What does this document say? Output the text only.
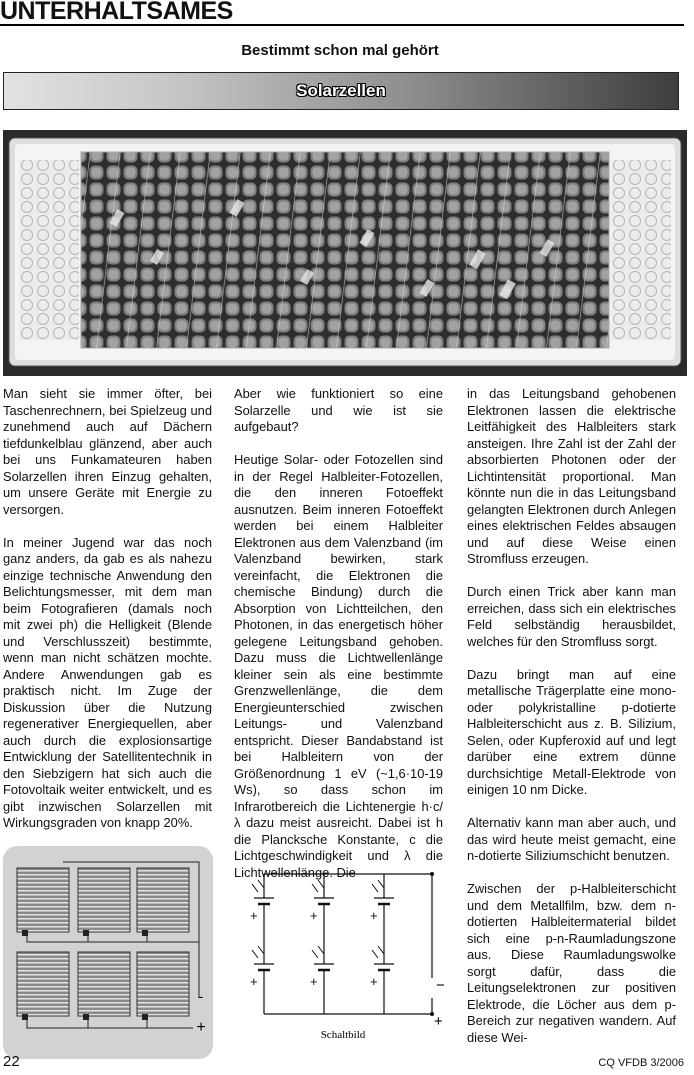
UNTERHALTSAMES
Bestimmt schon mal gehört
Solarzellen

Man sieht sie immer öfter, bei Taschenrechnern, bei Spielzeug und zunehmend auch auf Dächern tiefdunkelblau glänzend, aber auch bei uns Funkamateuren haben Solarzellen ihren Einzug gehalten, um unsere Geräte mit Energie zu versorgen.

In meiner Jugend war das noch ganz anders, da gab es als nahezu einzige technische Anwendung den Belichtungsmesser, mit dem man beim Fotografieren (damals noch mit zwei ph) die Helligkeit (Blende und Verschlusszeit) bestimmte, wenn man nicht schätzen mochte. Andere Anwendungen gab es praktisch nicht. Im Zuge der Diskussion über die Nutzung regenerativer Energiequellen, aber auch durch die explosionsartige Entwicklung der Satellitentechnik in den Siebzigern hat sich auch die Fotovoltaik weiter entwickelt, und es gibt inzwischen Solarzellen mit Wirkungsgraden von knapp 20%.

Aber wie funktioniert so eine Solarzelle und wie ist sie aufgebaut?

Heutige Solar- oder Fotozellen sind in der Regel Halbleiter-Fotozellen, die den inneren Fotoeffekt ausnutzen. Beim inneren Fotoeffekt werden bei einem Halbleiter Elektronen aus dem Valenzband (im Valenzband bewirken, stark vereinfacht, die Elektronen die chemische Bindung) durch die Absorption von Lichtteilchen, den Photonen, in das energetisch höher gelegene Leitungsband gehoben. Dazu muss die Lichtwellenlänge kleiner sein als eine bestimmte Grenzwellenlänge, die dem Energieunterschied zwischen Leitungs- und Valenzband entspricht. Dieser Bandabstand ist bei Halbleitern von der Größenordnung 1 eV (~1,6·10-19 Ws), so dass schon im Infrarotbereich die Lichtenergie h·c/λ dazu meist ausreicht. Dabei ist h die Plancksche Konstante, c die Lichtgeschwindigkeit und λ die Lichtwellenlänge. Die

in das Leitungsband gehobenen Elektronen lassen die elektrische Leitfähigkeit des Halbleiters stark ansteigen. Ihre Zahl ist der Zahl der absorbierten Photonen oder der Lichtintensität proportional. Man könnte nun die in das Leitungsband gelangten Elektronen durch Anlegen eines elektrischen Feldes absaugen und auf diese Weise einen Stromfluss erzeugen.

Durch einen Trick aber kann man erreichen, dass sich ein elektrisches Feld selbständig herausbildet, welches für den Stromfluss sorgt.

Dazu bringt man auf eine metallische Trägerplatte eine mono- oder polykristalline p-dotierte Halbleiterschicht aus z. B. Silizium, Selen, oder Kupferoxid auf und legt darüber eine extrem dünne durchsichtige Metall-Elektrode von einigen 10 nm Dicke.

Alternativ kann man aber auch, und das wird heute meist gemacht, eine n-dotierte Siliziumschicht benutzen.

Zwischen der p-Halbleiterschicht und dem Metallfilm, bzw. dem n-dotierten Halbleitermaterial bildet sich eine p-n-Raumladungszone aus. Diese Raumladungswolke sorgt dafür, dass die Leitungselektronen zur positiven Elektrode, die Löcher aus dem p-Bereich zur negativen wandern. Auf diese Wei-

-
+
+	+	+
+	+	+	−
+
Schaltbild
22	CQ VFDB 3/2006
